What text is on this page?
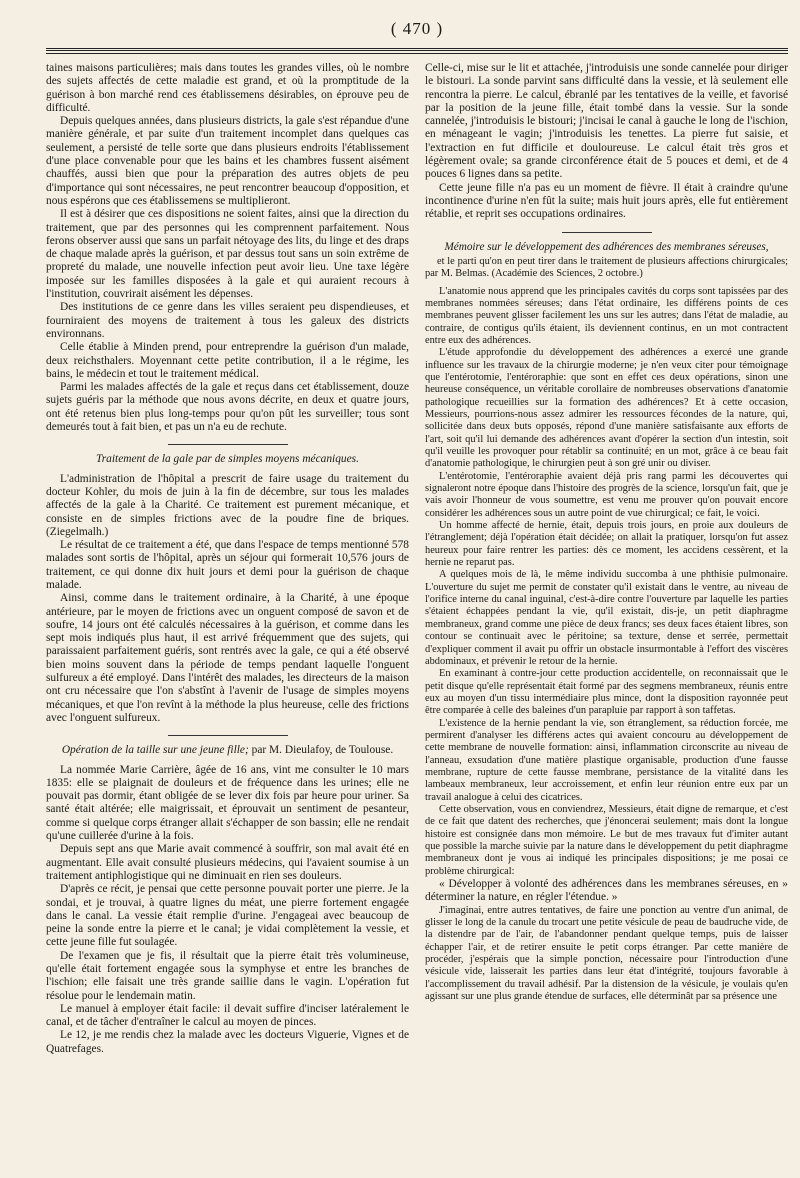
( 470 )

taines maisons particulières; mais dans toutes les grandes villes, où le nombre des sujets affectés de cette maladie est grand, et où la promptitude de la guérison à bon marché rend ces établissemens désirables, on éprouve peu de difficulté.

Depuis quelques années, dans plusieurs districts, la gale s'est répandue d'une manière générale, et par suite d'un traitement incomplet dans quelques cas seulement, a persisté de telle sorte que dans plusieurs endroits l'établissement d'une place convenable pour que les bains et les chambres fussent aisément chauffés, aussi bien que pour la préparation des autres objets de peu d'importance qui sont nécessaires, ne peut rencontrer beaucoup d'opposition, et nous espérons que ces établissemens se multiplieront.

Il est à désirer que ces dispositions ne soient faites, ainsi que la direction du traitement, que par des personnes qui les comprennent parfaitement. Nous ferons observer aussi que sans un parfait nétoyage des lits, du linge et des draps de chaque malade après la guérison, et par dessus tout sans un soin extrême de propreté du malade, une nouvelle infection peut avoir lieu. Une taxe légère imposée sur les familles disposées à la gale et qui auraient recours à l'institution, couvrirait aisément les dépenses.

Des institutions de ce genre dans les villes seraient peu dispendieuses, et fourniraient des moyens de traitement à tous les galeux des districts environnans.

Celle établie à Minden prend, pour entreprendre la guérison d'un malade, deux reichsthalers. Moyennant cette petite contribution, il a le régime, les bains, le médecin et tout le traitement médical.

Parmi les malades affectés de la gale et reçus dans cet établissement, douze sujets guéris par la méthode que nous avons décrite, en deux et quatre jours, ont été retenus bien plus long-temps pour qu'on pût les surveiller; tous sont demeurés tout à fait bien, et pas un n'a eu de rechute.

Traitement de la gale par de simples moyens mécaniques.

L'administration de l'hôpital a prescrit de faire usage du traitement du docteur Kohler, du mois de juin à la fin de décembre, sur tous les malades affectés de la gale à la Charité. Ce traitement est purement mécanique, et consiste en de simples frictions avec de la poudre fine de briques. (Ziegelmalh.)

Le résultat de ce traitement a été, que dans l'espace de temps mentionné 578 malades sont sortis de l'hôpital, après un séjour qui formerait 10,576 jours de traitement, ce qui donne dix huit jours et demi pour la guérison de chaque malade.

Ainsi, comme dans le traitement ordinaire, à la Charité, à une époque antérieure, par le moyen de frictions avec un onguent composé de savon et de soufre, 14 jours ont été calculés nécessaires à la guérison, et comme dans les sept mois indiqués plus haut, il est arrivé fréquemment que des sujets, qui paraissaient parfaitement guéris, sont rentrés avec la gale, ce qui a été observé bien moins souvent dans la période de temps pendant laquelle l'onguent sulfureux a été employé. Dans l'intérêt des malades, les directeurs de la maison ont cru nécessaire que l'on s'abstînt à l'avenir de l'usage de simples moyens mécaniques, et que l'on revînt à la méthode la plus heureuse, celle des frictions avec l'onguent sulfureux.

Opération de la taille sur une jeune fille; par M. Dieulafoy, de Toulouse.

La nommée Marie Carrière, âgée de 16 ans, vint me consulter le 10 mars 1835: elle se plaignait de douleurs et de fréquence dans les urines; elle ne pouvait pas dormir, étant obligée de se lever dix fois par heure pour uriner. Sa santé était altérée; elle maigrissait, et éprouvait un sentiment de pesanteur, comme si quelque corps étranger allait s'échapper de son bassin; elle ne rendait qu'une cuillerée d'urine à la fois.

Depuis sept ans que Marie avait commencé à souffrir, son mal avait été en augmentant. Elle avait consulté plusieurs médecins, qui l'avaient soumise à un traitement antiphlogistique qui ne diminuait en rien ses douleurs.

D'après ce récit, je pensai que cette personne pouvait porter une pierre. Je la sondai, et je trouvai, à quatre lignes du méat, une pierre fortement engagée dans le canal. La vessie était remplie d'urine. J'engageai avec beaucoup de peine la sonde entre la pierre et le canal; je vidai complètement la vessie, et cette jeune fille fut soulagée.

De l'examen que je fis, il résultait que la pierre était très volumineuse, qu'elle était fortement engagée sous la symphyse et entre les branches de l'ischion; elle faisait une très grande saillie dans le vagin. L'opération fut résolue pour le lendemain matin.

Le manuel à employer était facile: il devait suffire d'inciser latéralement le canal, et de tâcher d'entraîner le calcul au moyen de pinces.

Le 12, je me rendis chez la malade avec les docteurs Viguerie, Vignes et de Quatrefages.

Celle-ci, mise sur le lit et attachée, j'introduisis une sonde cannelée pour diriger le bistouri. La sonde parvint sans difficulté dans la vessie, et là seulement elle rencontra la pierre. Le calcul, ébranlé par les tentatives de la veille, et favorisé par la position de la jeune fille, était tombé dans la vessie. Sur la sonde cannelée, j'introduisis le bistouri; j'incisai le canal à gauche le long de l'ischion, en ménageant le vagin; j'introduisis les tenettes. La pierre fut saisie, et l'extraction en fut difficile et douloureuse. Le calcul était très gros et légèrement ovale; sa grande circonférence était de 5 pouces et demi, et de 4 pouces 6 lignes dans sa petite.

Cette jeune fille n'a pas eu un moment de fièvre. Il était à craindre qu'une incontinence d'urine n'en fût la suite; mais huit jours après, elle fut entièrement rétablie, et reprit ses occupations ordinaires.

Mémoire sur le développement des adhérences des membranes séreuses,
et le parti qu'on en peut tirer dans le traitement de plusieurs affections chirurgicales; par M. Belmas. (Académie des Sciences, 2 octobre.)

L'anatomie nous apprend que les principales cavités du corps sont tapissées par des membranes nommées séreuses; dans l'état ordinaire, les différens points de ces membranes peuvent glisser facilement les uns sur les autres; dans l'état de maladie, au contraire, de contigus qu'ils étaient, ils deviennent continus, en un mot contractent entre eux des adhérences.

L'étude approfondie du développement des adhérences a exercé une grande influence sur les travaux de la chirurgie moderne; je n'en veux citer pour témoignage que l'entérotomie, l'entéroraphie: que sont en effet ces deux opérations, sinon une heureuse conséquence, un véritable corollaire de nombreuses observations d'anatomie pathologique recueillies sur la formation des adhérences? Et à cette occasion, Messieurs, pourrions-nous assez admirer les ressources fécondes de la nature, qui, sollicitée dans deux buts opposés, répond d'une manière satisfaisante aux efforts de l'art, soit qu'il lui demande des adhérences avant d'opérer la section d'un intestin, soit qu'il veuille les provoquer pour rétablir sa continuité; en un mot, grâce à ce beau fait d'anatomie pathologique, le chirurgien peut à son gré unir ou diviser.

L'entérotomie, l'entéroraphie avaient déjà pris rang parmi les découvertes qui signaleront notre époque dans l'histoire des progrès de la science, lorsqu'un fait, que je vais avoir l'honneur de vous soumettre, est venu me prouver qu'on pouvait encore considérer les adhérences sous un autre point de vue chirurgical; ce fait, le voici.

Un homme affecté de hernie, était, depuis trois jours, en proie aux douleurs de l'étranglement; déjà l'opération était décidée; on allait la pratiquer, lorsqu'on fut assez heureux pour faire rentrer les parties: dès ce moment, les accidens cessèrent, et la hernie ne reparut pas.

A quelques mois de là, le même individu succomba à une phthisie pulmonaire. L'ouverture du sujet me permit de constater qu'il existait dans le ventre, au niveau de l'orifice interne du canal inguinal, c'est-à-dire contre l'ouverture par laquelle les parties s'étaient échappées pendant la vie, qu'il existait, dis-je, un petit diaphragme membraneux, grand comme une pièce de deux francs; ses deux faces étaient libres, son contour se continuait avec le péritoine; sa texture, dense et serrée, permettait d'expliquer comment il avait pu offrir un obstacle insurmontable à l'effort des viscères abdominaux, et prévenir le retour de la hernie.

En examinant à contre-jour cette production accidentelle, on reconnaissait que le petit disque qu'elle représentait était formé par des segmens membraneux, réunis entre eux au moyen d'un tissu intermédiaire plus mince, dont la disposition rayonnée peut être comparée à celle des baleines d'un parapluie par rapport à son taffetas.

L'existence de la hernie pendant la vie, son étranglement, sa réduction forcée, me permirent d'analyser les différens actes qui avaient concouru au développement de cette membrane de nouvelle formation: ainsi, inflammation circonscrite au niveau de l'anneau, exsudation d'une matière plastique organisable, production d'une fausse membrane, rupture de cette fausse membrane, persistance de la vitalité dans les lambeaux membraneux, leur accroissement, et enfin leur réunion entre eux par un travail analogue à celui des cicatrices.

Cette observation, vous en conviendrez, Messieurs, était digne de remarque, et c'est de ce fait que datent des recherches, que j'énoncerai seulement; mais dont la longue histoire est consignée dans mon mémoire. Le but de mes travaux fut d'imiter autant que possible la marche suivie par la nature dans le développement du petit diaphragme membraneux dont je vous ai indiqué les principales dispositions; je me posai ce problème chirurgical:

« Développer à volonté des adhérences dans les membranes séreuses, en » déterminer la nature, en régler l'étendue. »

J'imaginai, entre autres tentatives, de faire une ponction au ventre d'un animal, de glisser le long de la canule du trocart une petite vésicule de peau de baudruche vide, de la distendre par de l'air, de l'abandonner pendant quelque temps, puis de laisser échapper l'air, et de retirer ensuite le petit corps étranger. Par cette manière de procéder, j'espérais que la simple ponction, nécessaire pour l'introduction d'une vésicule vide, laisserait les parties dans leur état d'intégrité, toujours favorable à l'accomplissement du travail adhésif. Par la distension de la vésicule, je voulais qu'en agissant sur une plus grande étendue de surfaces, elle déterminât par sa présence une
